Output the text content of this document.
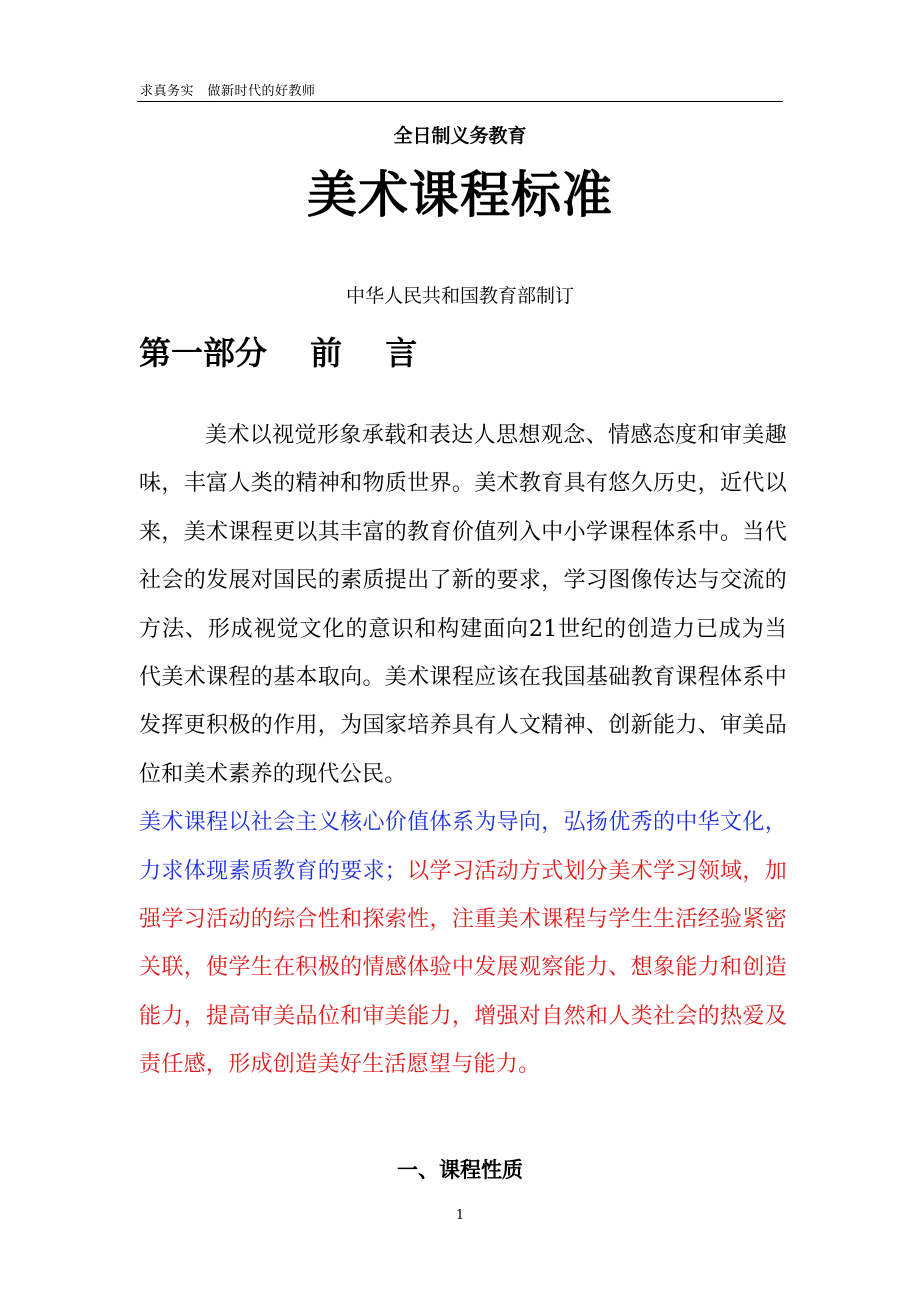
求真务实　做新时代的好教师
全日制义务教育
美术课程标准
中华人民共和国教育部制订
第一部分　 前　 言

美术以视觉形象承载和表达人思想观念、情感态度和审美趣味，丰富人类的精神和物质世界。美术教育具有悠久历史，近代以来，美术课程更以其丰富的教育价值列入中小学课程体系中。当代社会的发展对国民的素质提出了新的要求，学习图像传达与交流的方法、形成视觉文化的意识和构建面向21世纪的创造力已成为当代美术课程的基本取向。美术课程应该在我国基础教育课程体系中发挥更积极的作用，为国家培养具有人文精神、创新能力、审美品位和美术素养的现代公民。

美术课程以社会主义核心价值体系为导向，弘扬优秀的中华文化，力求体现素质教育的要求；以学习活动方式划分美术学习领域，加强学习活动的综合性和探索性，注重美术课程与学生生活经验紧密关联，使学生在积极的情感体验中发展观察能力、想象能力和创造能力，提高审美品位和审美能力，增强对自然和人类社会的热爱及责任感，形成创造美好生活愿望与能力。

一、课程性质
1
